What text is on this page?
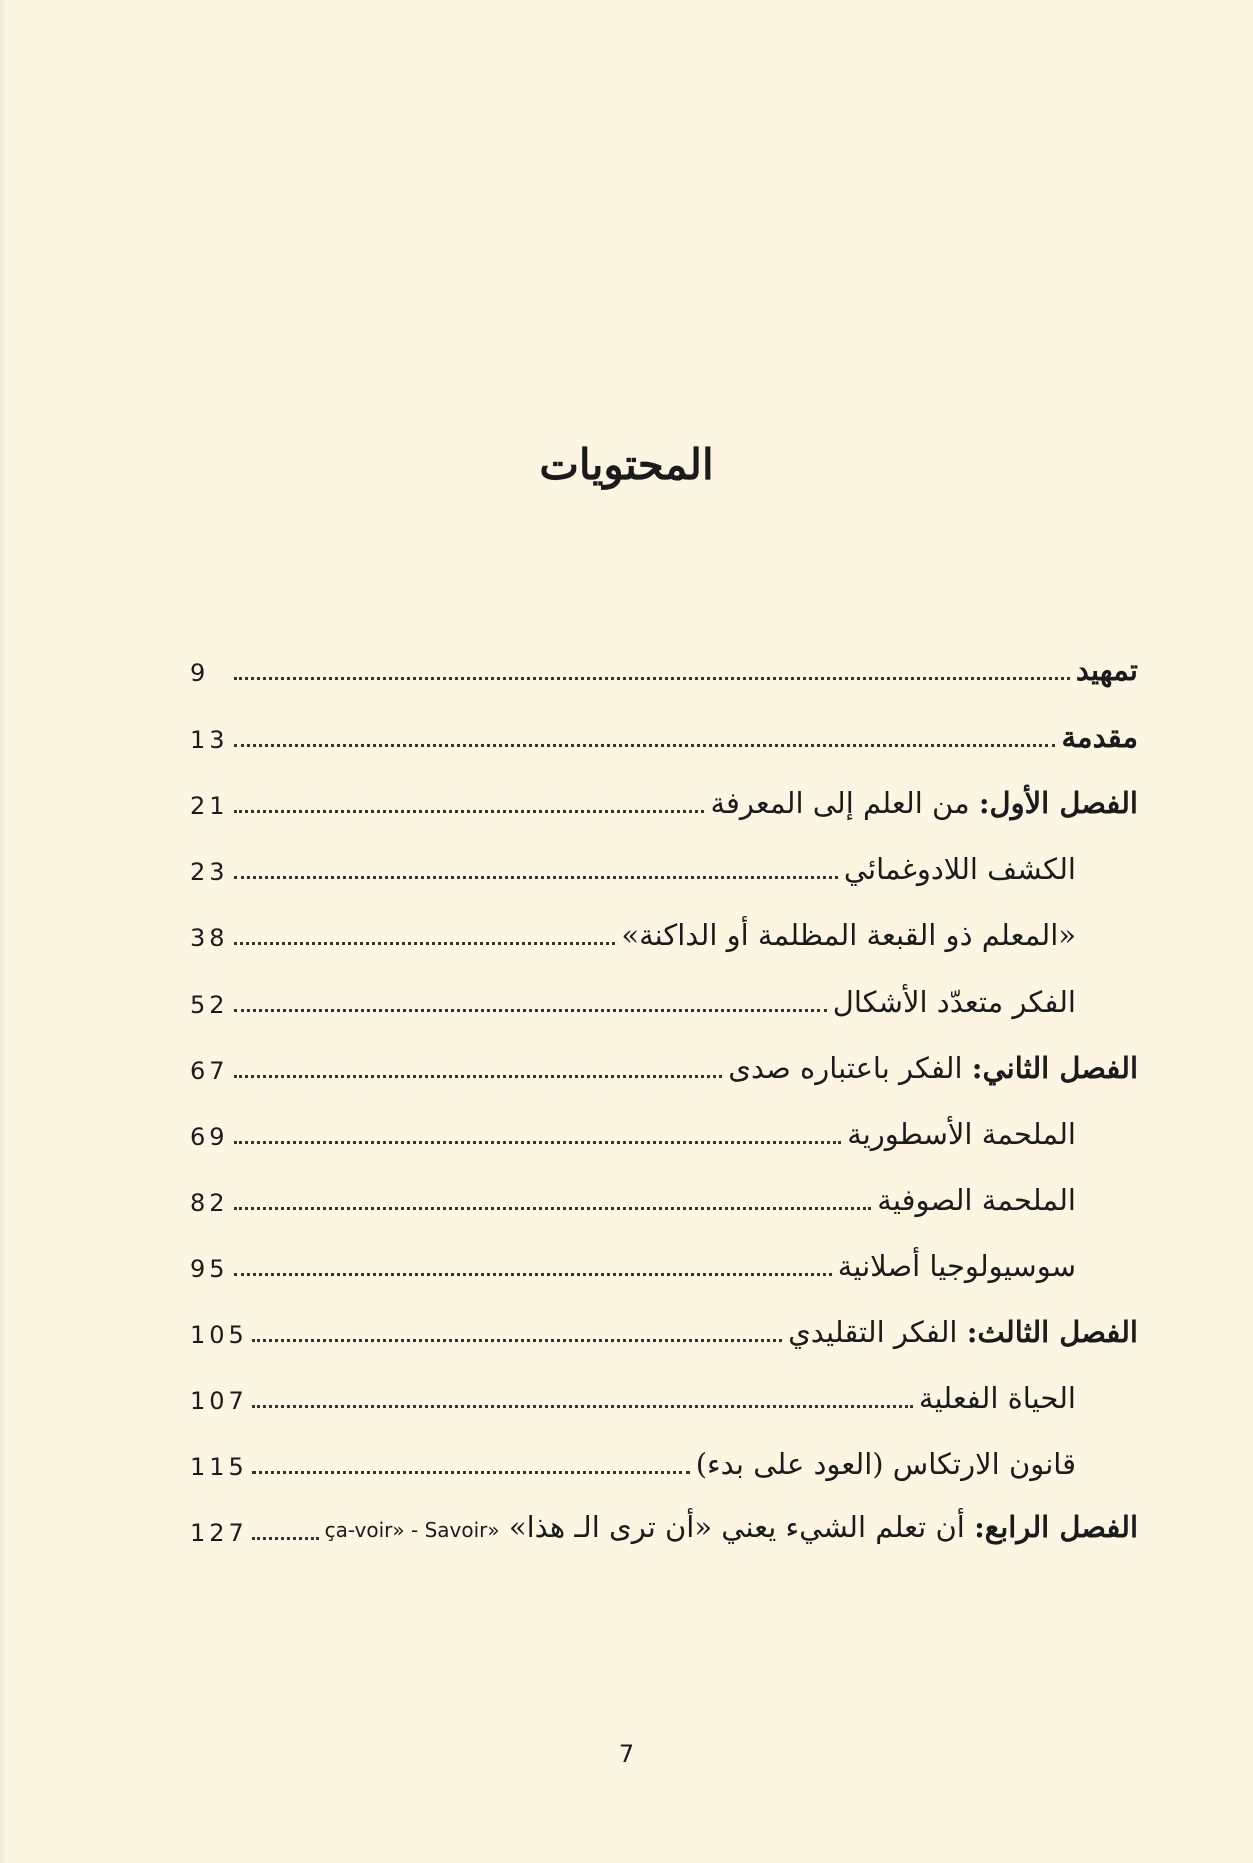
المحتويات
9	تمهيد
13	مقدمة
21	الفصل الأول: من العلم إلى المعرفة
23	الكشف اللادوغمائي
38	«المعلم ذو القبعة المظلمة أو الداكنة»
52	الفكر متعدّد الأشكال
67	الفصل الثاني: الفكر باعتباره صدى
69	الملحمة الأسطورية
82	الملحمة الصوفية
95	سوسيولوجيا أصلانية
105	الفصل الثالث: الفكر التقليدي
107	الحياة الفعلية
115	قانون الارتكاس (العود على بدء)
127	الفصل الرابع: أن تعلم الشيء يعني «أن ترى الـ هذا» «ça-voir» - Savoir
7
